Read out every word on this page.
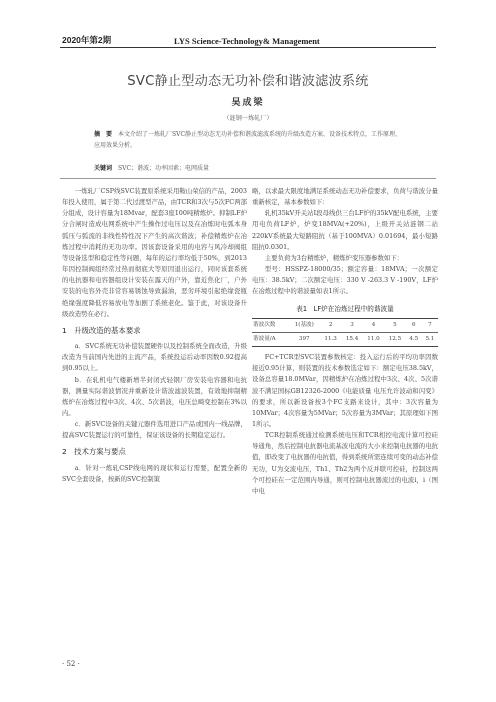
2020年第2期	LYS Science-Technology& Management
SVC静止型动态无功补偿和谐波滤波系统
吴成梁
（涟钢一炼轧厂）
摘　要 本文介绍了一炼轧厂SVC静止型动态无功补偿和谐波滤波系统的升级改造方案、设备技术特点，工作原理、应用效果分析。
关键词 SVC；谐波；功率因素；电网质量

一炼轧厂CSP线SVC装置原系统采用鞍山荣信的产品，2003年投入使用，属于第二代过渡型产品，由TCR和3次与5次FC两部分组成，设计容量为18Mvar，配套3座100吨精炼炉。抑制LF炉分合闸时造成电网系统中产生操作过电压以及在冶炼时电弧本身弧压与弧流的非线性特性况下产生的高次谐波；补偿精炼炉在冶炼过程中消耗的无功功率。因该套设备采用的电容与风冷却阀组等设备选型和稳定性等问题，每年的运行率均低于50%，到2013年因控制阀组经常过热而彻底大等原因退出运行，同时该套系统的电抗器和电容器组设计安装在露天的户外，靠近焦化厂，户外安装的电容外壳非常容易锈蚀导致漏油，恶劣环境引起绝缘瓷瓶绝缘强度降低容易放电等加剧了系统老化。鉴于此，对该设备升级改造势在必行。

1　升级改造的基本要求

a．SVC系统无功补偿装置硬件以及控制系统全面改造，升级改造为当前国内先进的主流产品，系统投运后动率因数0.92提高到0.95以上。

b．在轧机电气楼新增半封闭式轻钢厂房安装电容器和电抗器，测量实际谐波情况并重新设计谐波滤波装置，有效地抑制精炼炉在冶炼过程中3次、4次、5次谐波，电压总畸变控制在3%以内。

c．新SVC设备的关键元器件选用进口产品或国内一线品牌，提高SVC装置运行的可靠性，保证该设备的长期稳定运行。

2　技术方案与要点

a．针对一炼轧CSP线电网的现状和运行需要，配置全新的SVC全套设备，按新的SVC控制策

略，以求最大限度地满足系统动态无功补偿要求，负荷与谐波分量重新核定，基本参数如下：

轧机35kV开关站Ⅰ段母线供三台LF炉的35kV配电系统，主要用电负荷LF炉，炉变18MVA(+20%)，上级开关站涟钢二站220kV系统最大短路阻抗（基于100MVA）0.01694，最小短路阻抗0.0301。

主要负荷为3台精炼炉，精炼炉变压器参数如下：

型号：HSSPZ-18000/35；额定容量：18MVA；一次额定电压：38.5kV；二次额定电压：330 V -263.3 V -190V，LF炉在冶炼过程中的谐波量如表1所示。

表1　LF炉在冶炼过程中的谐波量
谐波次数	1(基波)	2	3	4	5	6	7
谐波量/A	397	11.3	15.4	11.0	12.5	4.5	5.1

FC+TCR型SVC装置参数核定：投入运行后的平均功率因数接近0.95计算，则装置的技术参数选定如下：额定电压38.5kV，设备总容量18.0MVar，因精炼炉在冶炼过程中3次、4次、5次谐波不满足国标GB12326-2000《电能质量 电压允许波动和闪变》的要求，所以新设备按3个FC支路来设计，其中：3次容量为10MVar；4次容量为5MVar；5次容量为3MVar；其原理如下图1所示。

TCR控制系统通过检测系统电压和TCR相控电流计算可控硅导通角，然后控制电抗器电流基波电流的大小来控制电抗器的电抗值，即改变了电抗器的电抗值，得到系统所需连续可变的动态补偿无功，U为交流电压，Th1、Th2为两个反并联可控硅，控制这两个可控硅在一定范围内导通，则可控制电抗器流过的电流i，i（图中电

· 52 ·
